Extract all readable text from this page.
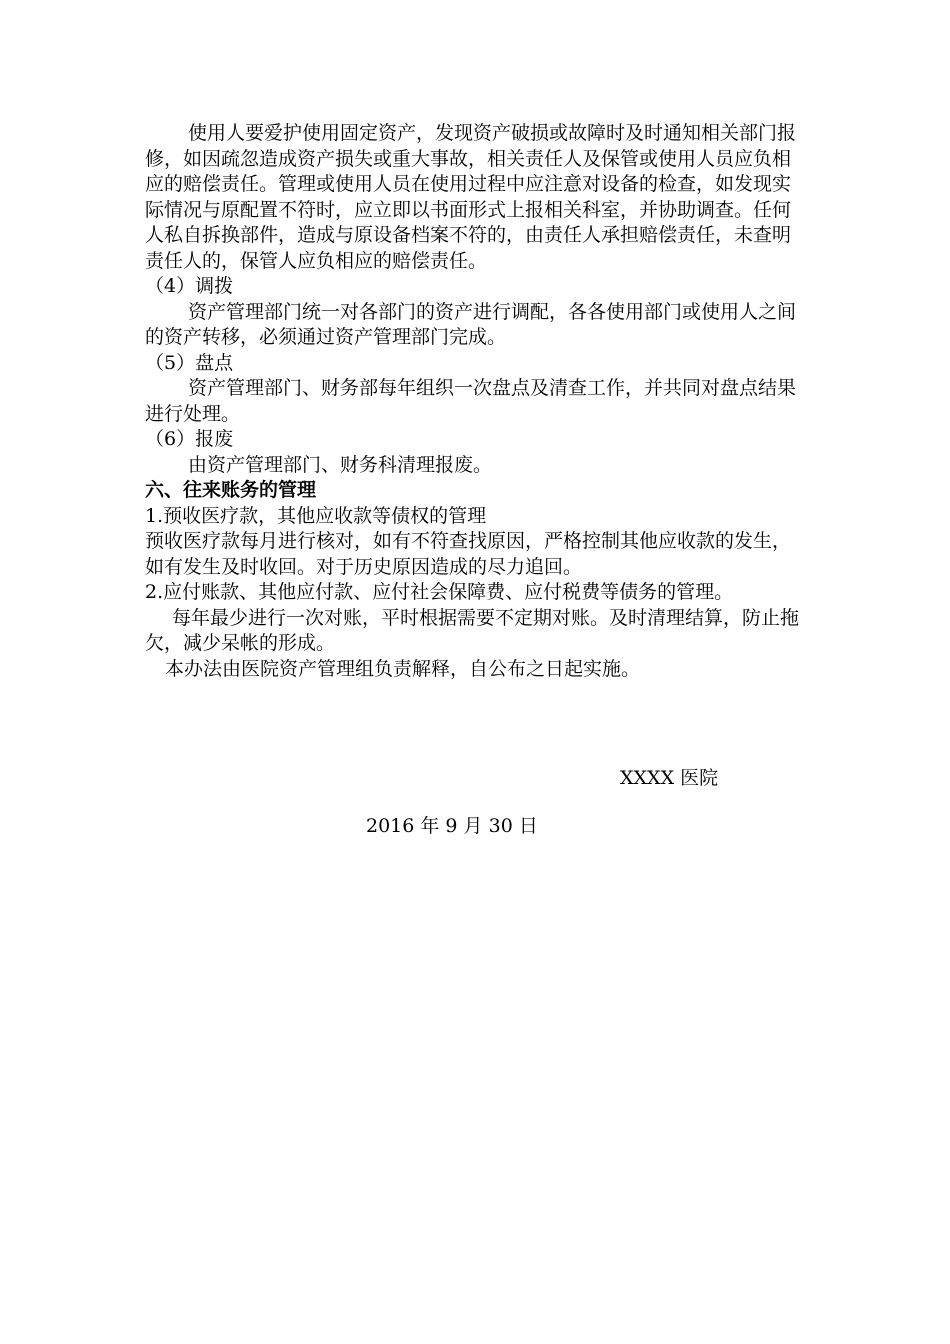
使用人要爱护使用固定资产，发现资产破损或故障时及时通知相关部门报修，如因疏忽造成资产损失或重大事故，相关责任人及保管或使用人员应负相应的赔偿责任。管理或使用人员在使用过程中应注意对设备的检查，如发现实际情况与原配置不符时，应立即以书面形式上报相关科室，并协助调查。任何人私自拆换部件，造成与原设备档案不符的，由责任人承担赔偿责任，未查明责任人的，保管人应负相应的赔偿责任。

（4）调拨

资产管理部门统一对各部门的资产进行调配，各各使用部门或使用人之间的资产转移，必须通过资产管理部门完成。

（5）盘点

资产管理部门、财务部每年组织一次盘点及清查工作，并共同对盘点结果进行处理。

（6）报废

由资产管理部门、财务科清理报废。

六、往来账务的管理

1.预收医疗款，其他应收款等债权的管理

预收医疗款每月进行核对，如有不符查找原因，严格控制其他应收款的发生，如有发生及时收回。对于历史原因造成的尽力追回。

2.应付账款、其他应付款、应付社会保障费、应付税费等债务的管理。

每年最少进行一次对账，平时根据需要不定期对账。及时清理结算，防止拖欠，减少呆帐的形成。

本办法由医院资产管理组负责解释，自公布之日起实施。

XXXX 医院
2016 年 9 月 30 日
